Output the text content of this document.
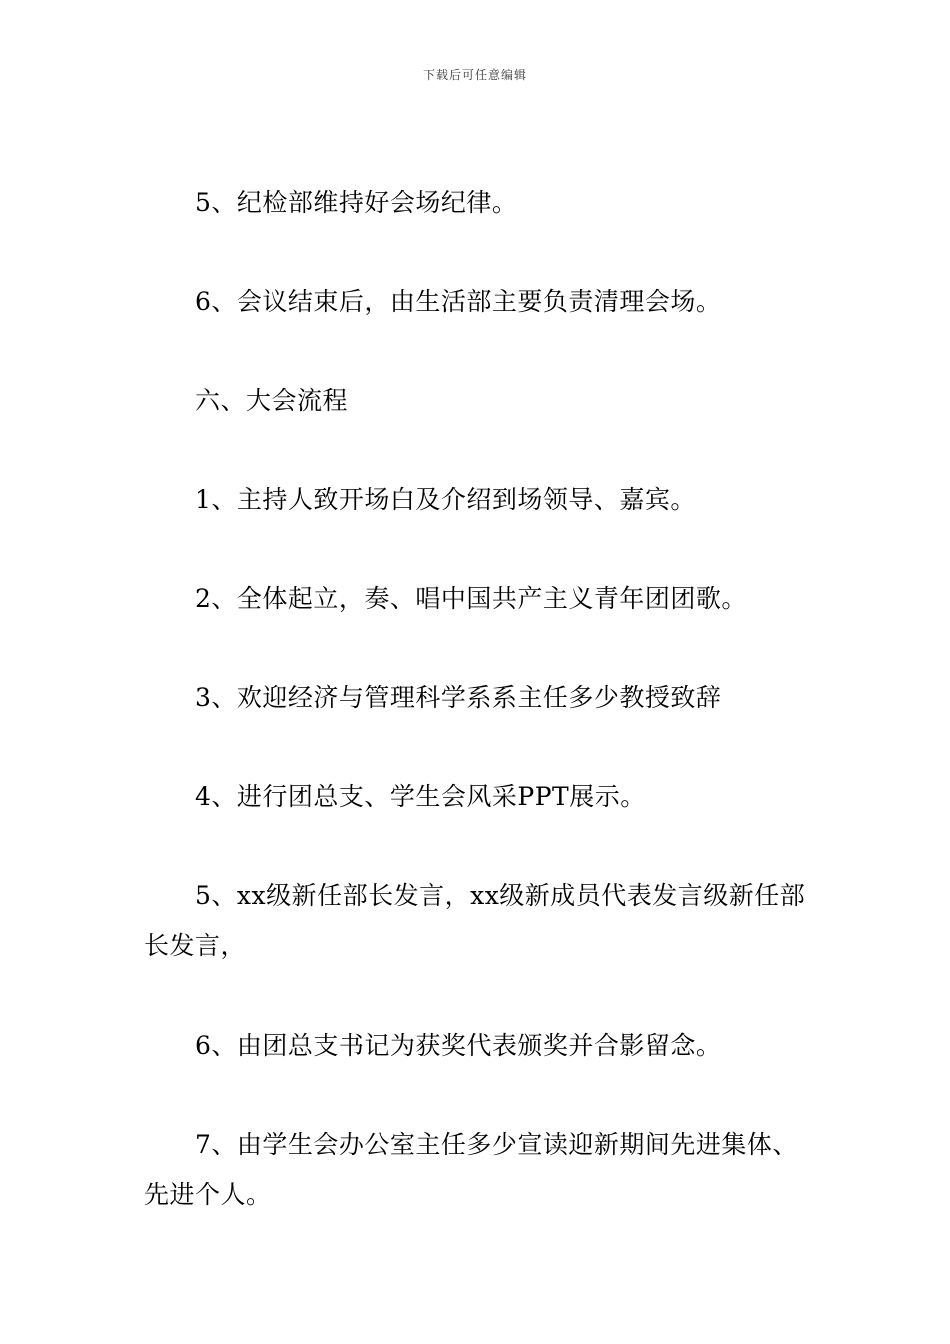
下载后可任意编辑

5、纪检部维持好会场纪律。

6、会议结束后，由生活部主要负责清理会场。

六、大会流程

1、主持人致开场白及介绍到场领导、嘉宾。

2、全体起立，奏、唱中国共产主义青年团团歌。

3、欢迎经济与管理科学系系主任多少教授致辞

4、进行团总支、学生会风采PPT展示。

5、xx级新任部长发言，xx级新成员代表发言级新任部长发言，

6、由团总支书记为获奖代表颁奖并合影留念。

7、由学生会办公室主任多少宣读迎新期间先进集体、先进个人。
